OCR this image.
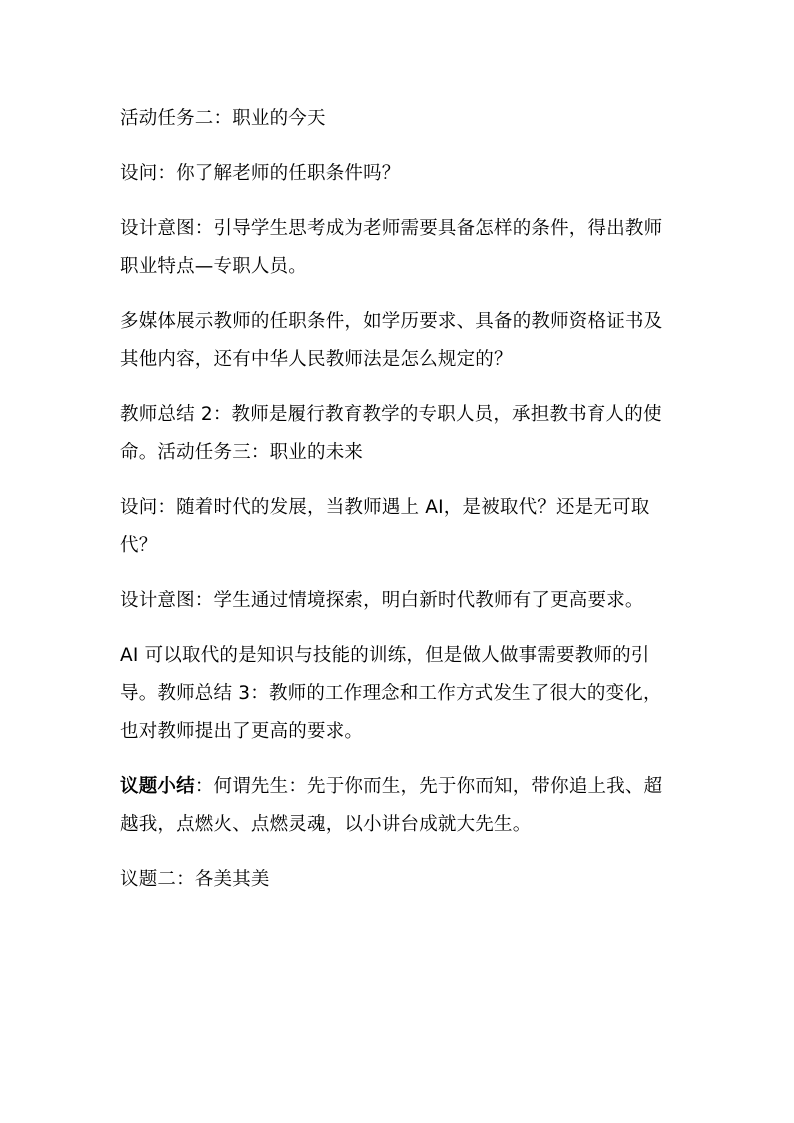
活动任务二：职业的今天

设问：你了解老师的任职条件吗？

设计意图：引导学生思考成为老师需要具备怎样的条件，得出教师
职业特点—专职人员。

多媒体展示教师的任职条件，如学历要求、具备的教师资格证书及
其他内容，还有中华人民教师法是怎么规定的？

教师总结 2：教师是履行教育教学的专职人员，承担教书育人的使
命。活动任务三：职业的未来

设问：随着时代的发展，当教师遇上 AI，是被取代？还是无可取
代？

设计意图：学生通过情境探索，明白新时代教师有了更高要求。

AI 可以取代的是知识与技能的训练，但是做人做事需要教师的引
导。教师总结 3：教师的工作理念和工作方式发生了很大的变化，
也对教师提出了更高的要求。

议题小结：何谓先生：先于你而生，先于你而知，带你追上我、超
越我，点燃火、点燃灵魂，以小讲台成就大先生。

议题二：各美其美
